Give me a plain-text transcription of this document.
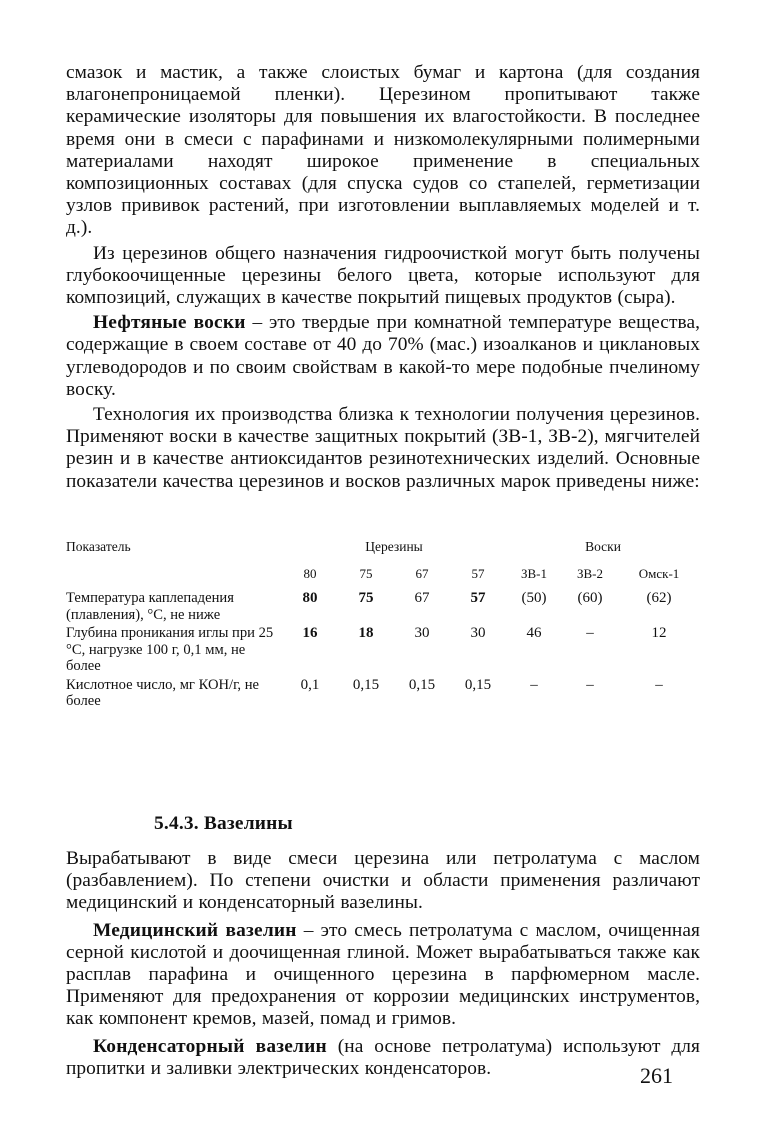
смазок и мастик, а также слоистых бумаг и картона (для создания влагонепроницаемой пленки). Церезином пропитывают также керамические изоляторы для повышения их влагостойкости. В последнее время они в смеси с парафинами и низкомолекулярными полимерными материалами находят широкое применение в специальных композиционных составах (для спуска судов со стапелей, герметизации узлов прививок растений, при изготовлении выплавляемых моделей и т. д.).

Из церезинов общего назначения гидроочисткой могут быть получены глубокоочищенные церезины белого цвета, которые используют для композиций, служащих в качестве покрытий пищевых продуктов (сыра).

Нефтяные воски – это твердые при комнатной температуре вещества, содержащие в своем составе от 40 до 70% (мас.) изоалканов и циклановых углеводородов и по своим свойствам в какой-то мере подобные пчелиному воску.

Технология их производства близка к технологии получения церезинов. Применяют воски в качестве защитных покрытий (ЗВ-1, ЗВ-2), мягчителей резин и в качестве антиоксидантов резинотехнических изделий. Основные показатели качества церезинов и восков различных марок приведены ниже:

Показатель	Церезины				Воски		
	80	75	67	57	ЗВ-1	ЗВ-2	Омск-1
Температура каплепадения (плавления), °С, не ниже	80	75	67	57	(50)	(60)	(62)
Глубина проникания иглы при 25 °С, нагрузке 100 г, 0,1 мм, не более	16	18	30	30	46	–	12
Кислотное число, мг КОН/г, не более	0,1	0,15	0,15	0,15	–	–	–
5.4.3. Вазелины

Вырабатывают в виде смеси церезина или петролатума с маслом (разбавлением). По степени очистки и области применения различают медицинский и конденсаторный вазелины.

Медицинский вазелин – это смесь петролатума с маслом, очищенная серной кислотой и доочищенная глиной. Может вырабатываться также как расплав парафина и очищенного церезина в парфюмерном масле. Применяют для предохранения от коррозии медицинских инструментов, как компонент кремов, мазей, помад и гримов.

Конденсаторный вазелин (на основе петролатума) используют для пропитки и заливки электрических конденсаторов.	261
